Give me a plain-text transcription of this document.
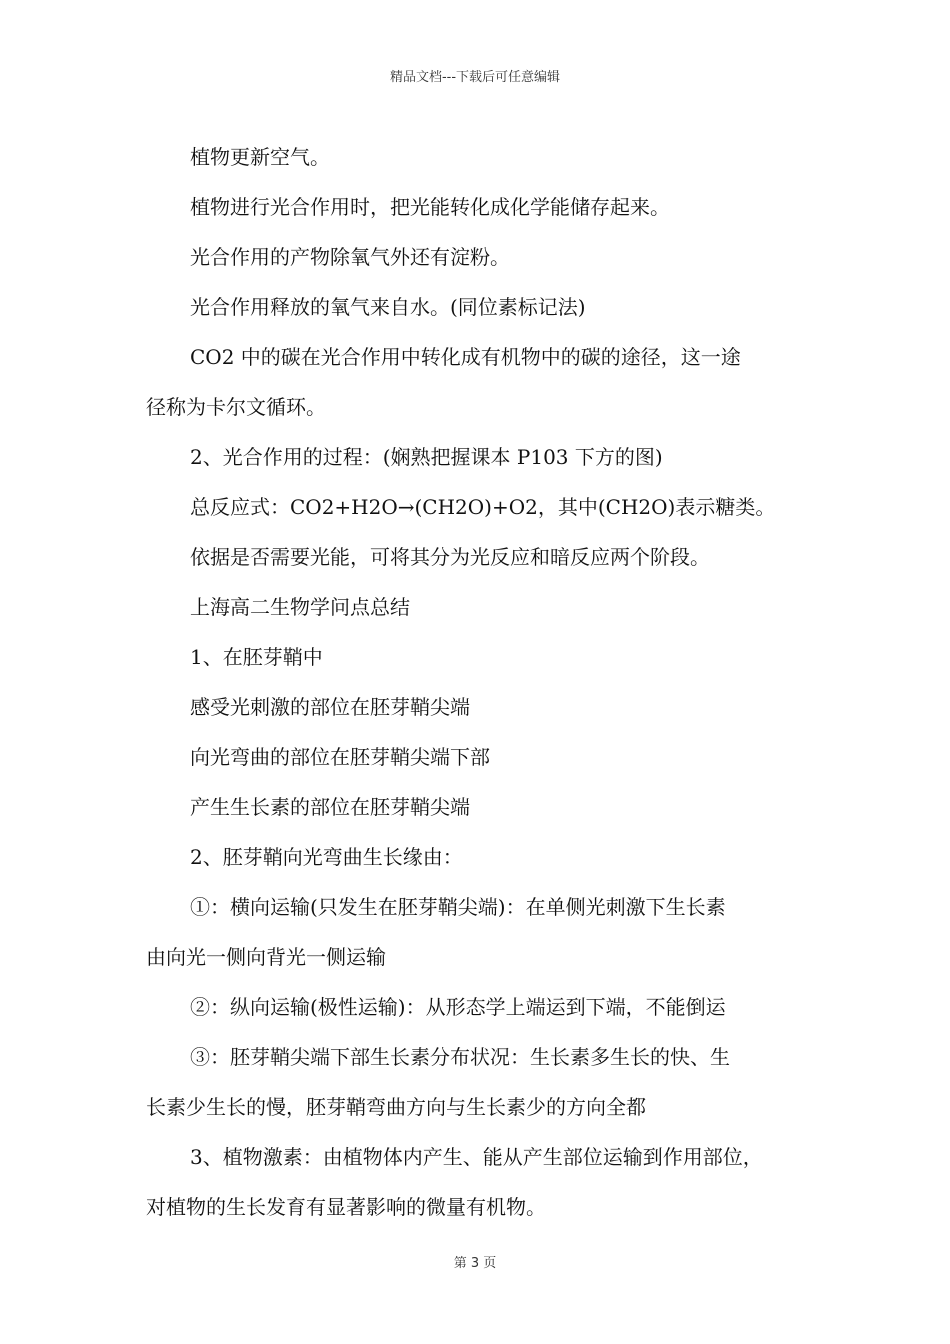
精品文档---下载后可任意编辑

植物更新空气。

植物进行光合作用时，把光能转化成化学能储存起来。

光合作用的产物除氧气外还有淀粉。

光合作用释放的氧气来自水。(同位素标记法)

CO2 中的碳在光合作用中转化成有机物中的碳的途径，这一途

径称为卡尔文循环。

2、光合作用的过程：(娴熟把握课本 P103 下方的图)

总反应式：CO2+H2O→(CH2O)+O2，其中(CH2O)表示糖类。

依据是否需要光能，可将其分为光反应和暗反应两个阶段。

上海高二生物学问点总结

1、在胚芽鞘中

感受光刺激的部位在胚芽鞘尖端

向光弯曲的部位在胚芽鞘尖端下部

产生生长素的部位在胚芽鞘尖端

2、胚芽鞘向光弯曲生长缘由：

①：横向运输(只发生在胚芽鞘尖端)：在单侧光刺激下生长素

由向光一侧向背光一侧运输

②：纵向运输(极性运输)：从形态学上端运到下端，不能倒运

③：胚芽鞘尖端下部生长素分布状况：生长素多生长的快、生

长素少生长的慢，胚芽鞘弯曲方向与生长素少的方向全都

3、植物激素：由植物体内产生、能从产生部位运输到作用部位，

对植物的生长发育有显著影响的微量有机物。

第 3 页
